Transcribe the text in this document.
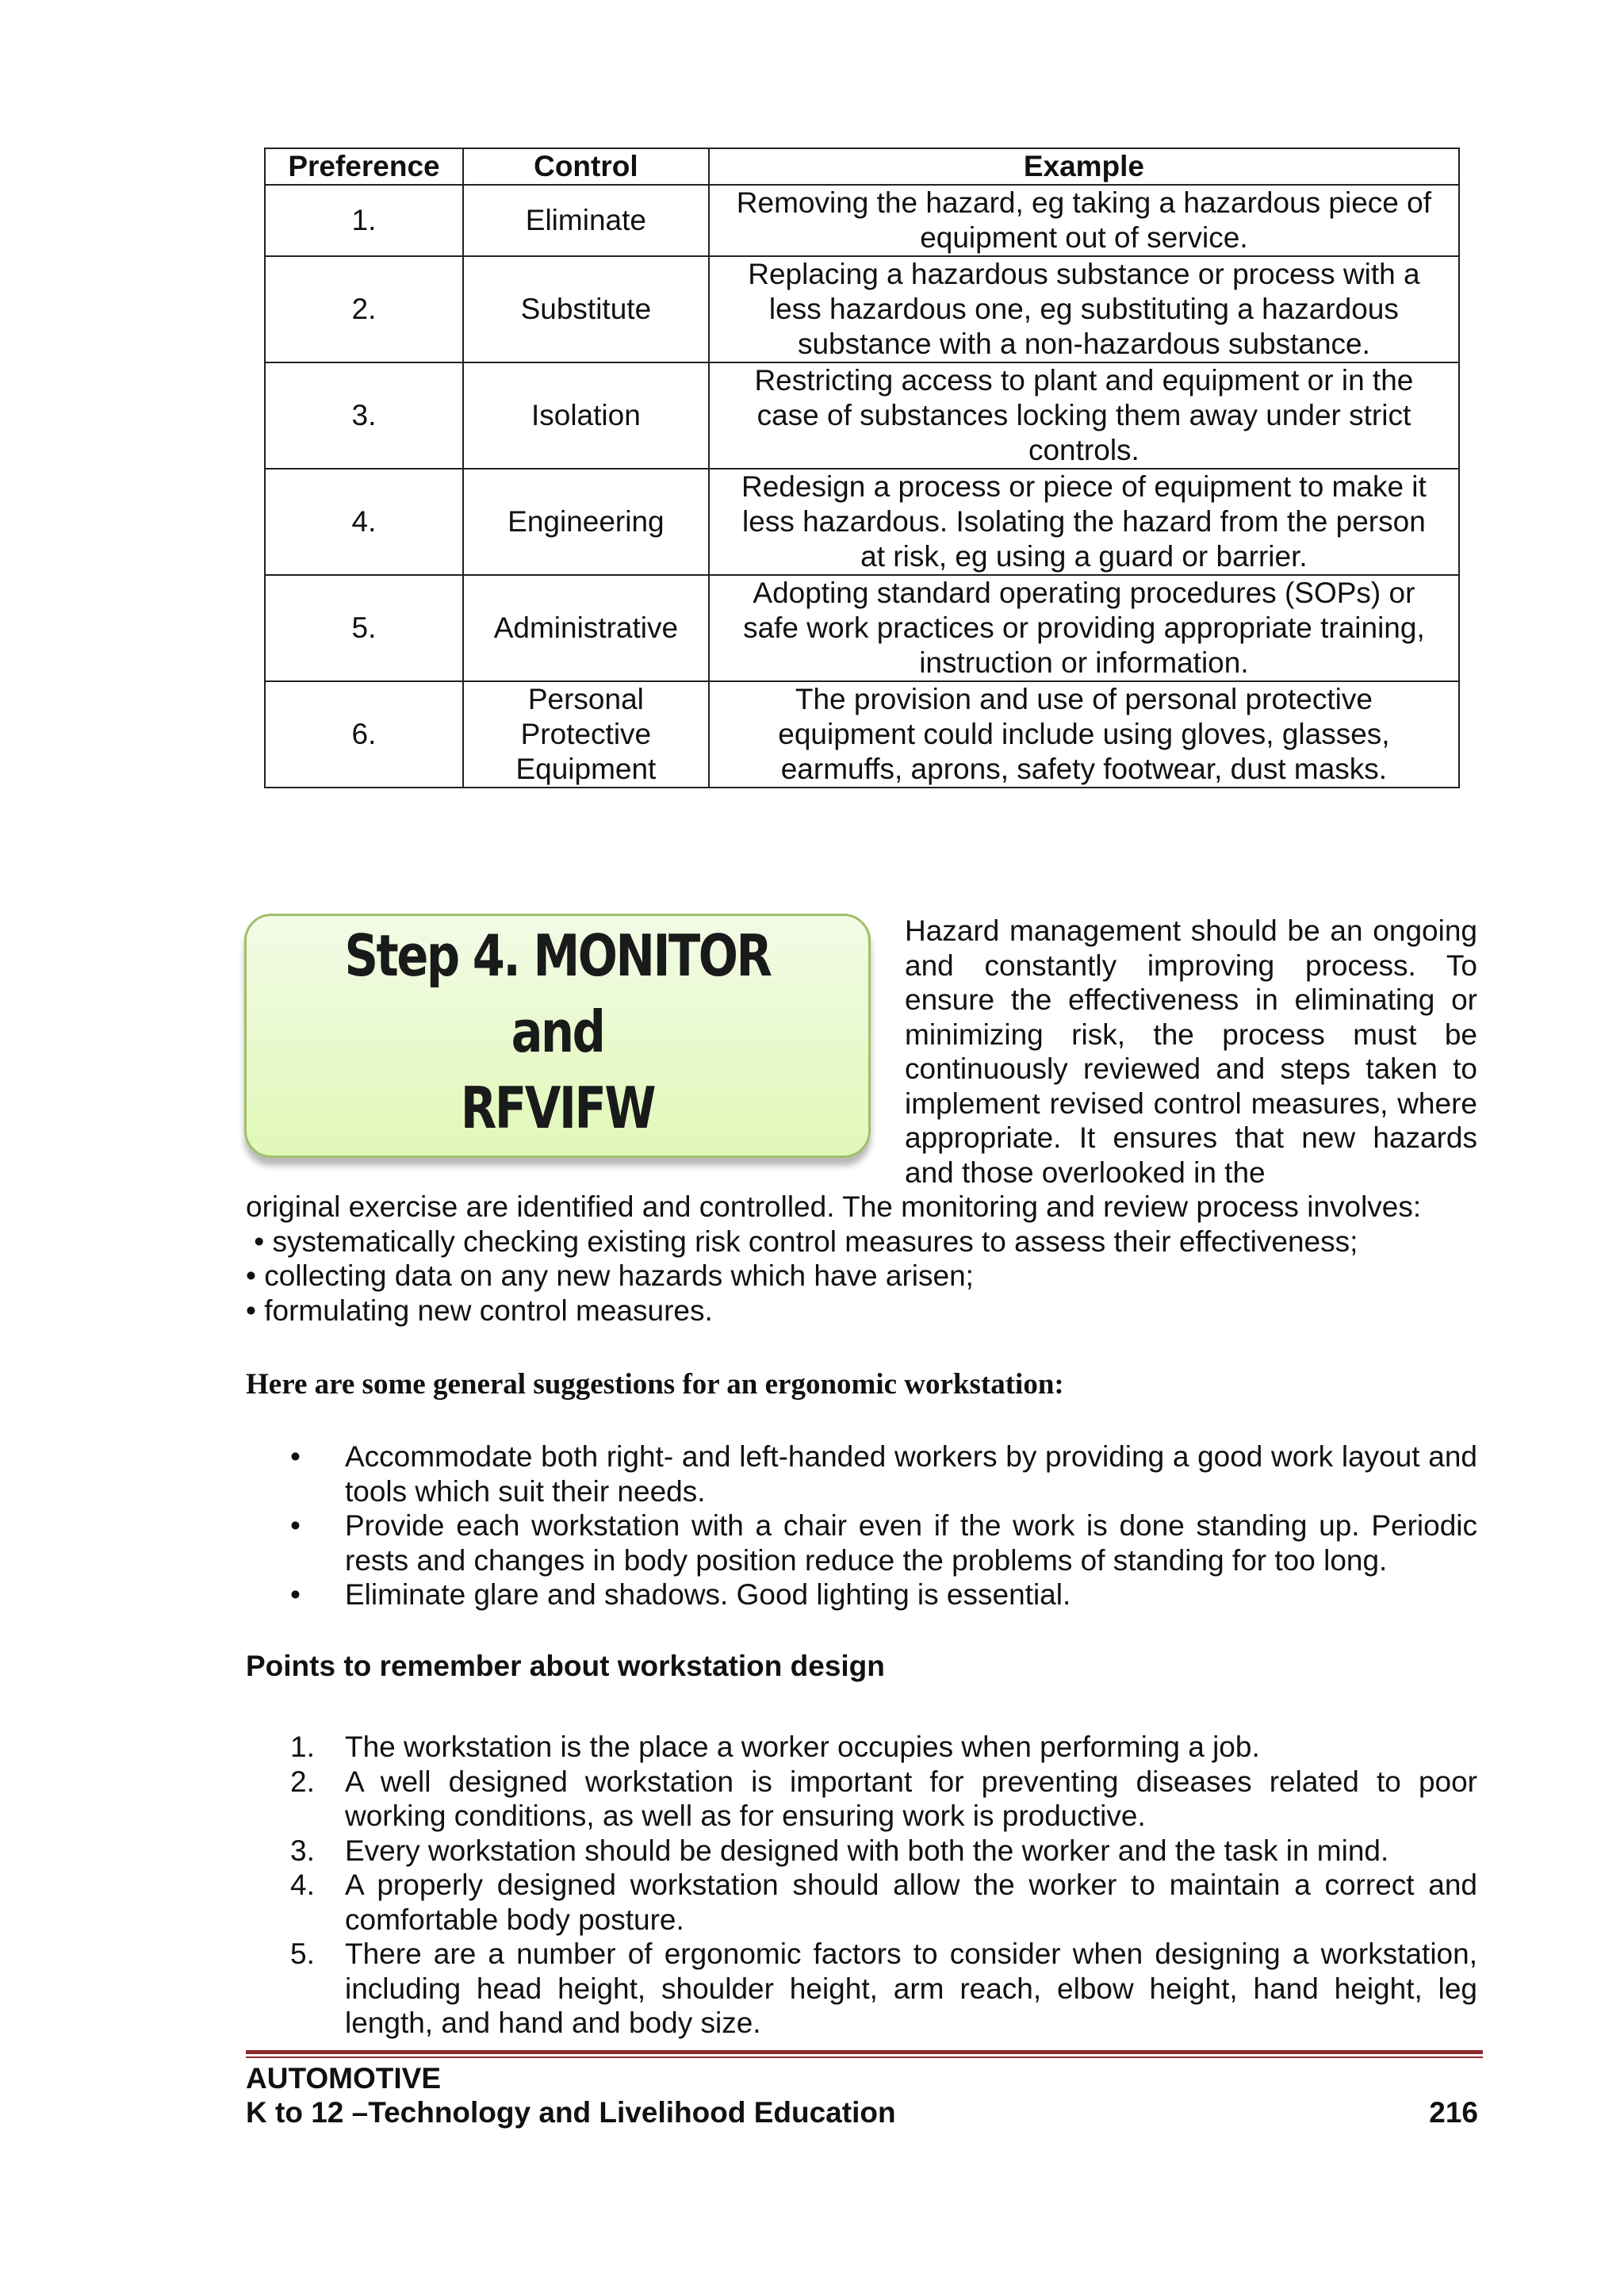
Preference	Control	Example
1.	Eliminate	Removing the hazard, eg taking a hazardous piece of equipment out of service.
2.	Substitute	Replacing a hazardous substance or process with a less hazardous one, eg substituting a hazardous substance with a non-hazardous substance.
3.	Isolation	Restricting access to plant and equipment or in the case of substances locking them away under strict controls.
4.	Engineering	Redesign a process or piece of equipment to make it less hazardous. Isolating the hazard from the person at risk, eg using a guard or barrier.
5.	Administrative	Adopting standard operating procedures (SOPs) or safe work practices or providing appropriate training, instruction or information.
6.	Personal Protective Equipment	The provision and use of personal protective equipment could include using gloves, glasses, earmuffs, aprons, safety footwear, dust masks.
Step 4. MONITOR
and
RFVIFW
Hazard management should be an ongoing and constantly improving process. To ensure the effectiveness in eliminating or minimizing risk, the process must be continuously reviewed and steps taken to implement revised control measures, where appropriate. It ensures that new hazards and those overlooked in the
original exercise are identified and controlled. The monitoring and review process involves:
• systematically checking existing risk control measures to assess their effectiveness;
• collecting data on any new hazards which have arisen;
• formulating new control measures.
Here are some general suggestions for an ergonomic workstation:
• Accommodate both right- and left-handed workers by providing a good work layout and tools which suit their needs.
• Provide each workstation with a chair even if the work is done standing up. Periodic rests and changes in body position reduce the problems of standing for too long.
• Eliminate glare and shadows. Good lighting is essential.
Points to remember about workstation design
1. The workstation is the place a worker occupies when performing a job.
2. A well designed workstation is important for preventing diseases related to poor working conditions, as well as for ensuring work is productive.
3. Every workstation should be designed with both the worker and the task in mind.
4. A properly designed workstation should allow the worker to maintain a correct and comfortable body posture.
5. There are a number of ergonomic factors to consider when designing a workstation, including head height, shoulder height, arm reach, elbow height, hand height, leg length, and hand and body size.
AUTOMOTIVE
K to 12 –Technology and Livelihood Education	216
